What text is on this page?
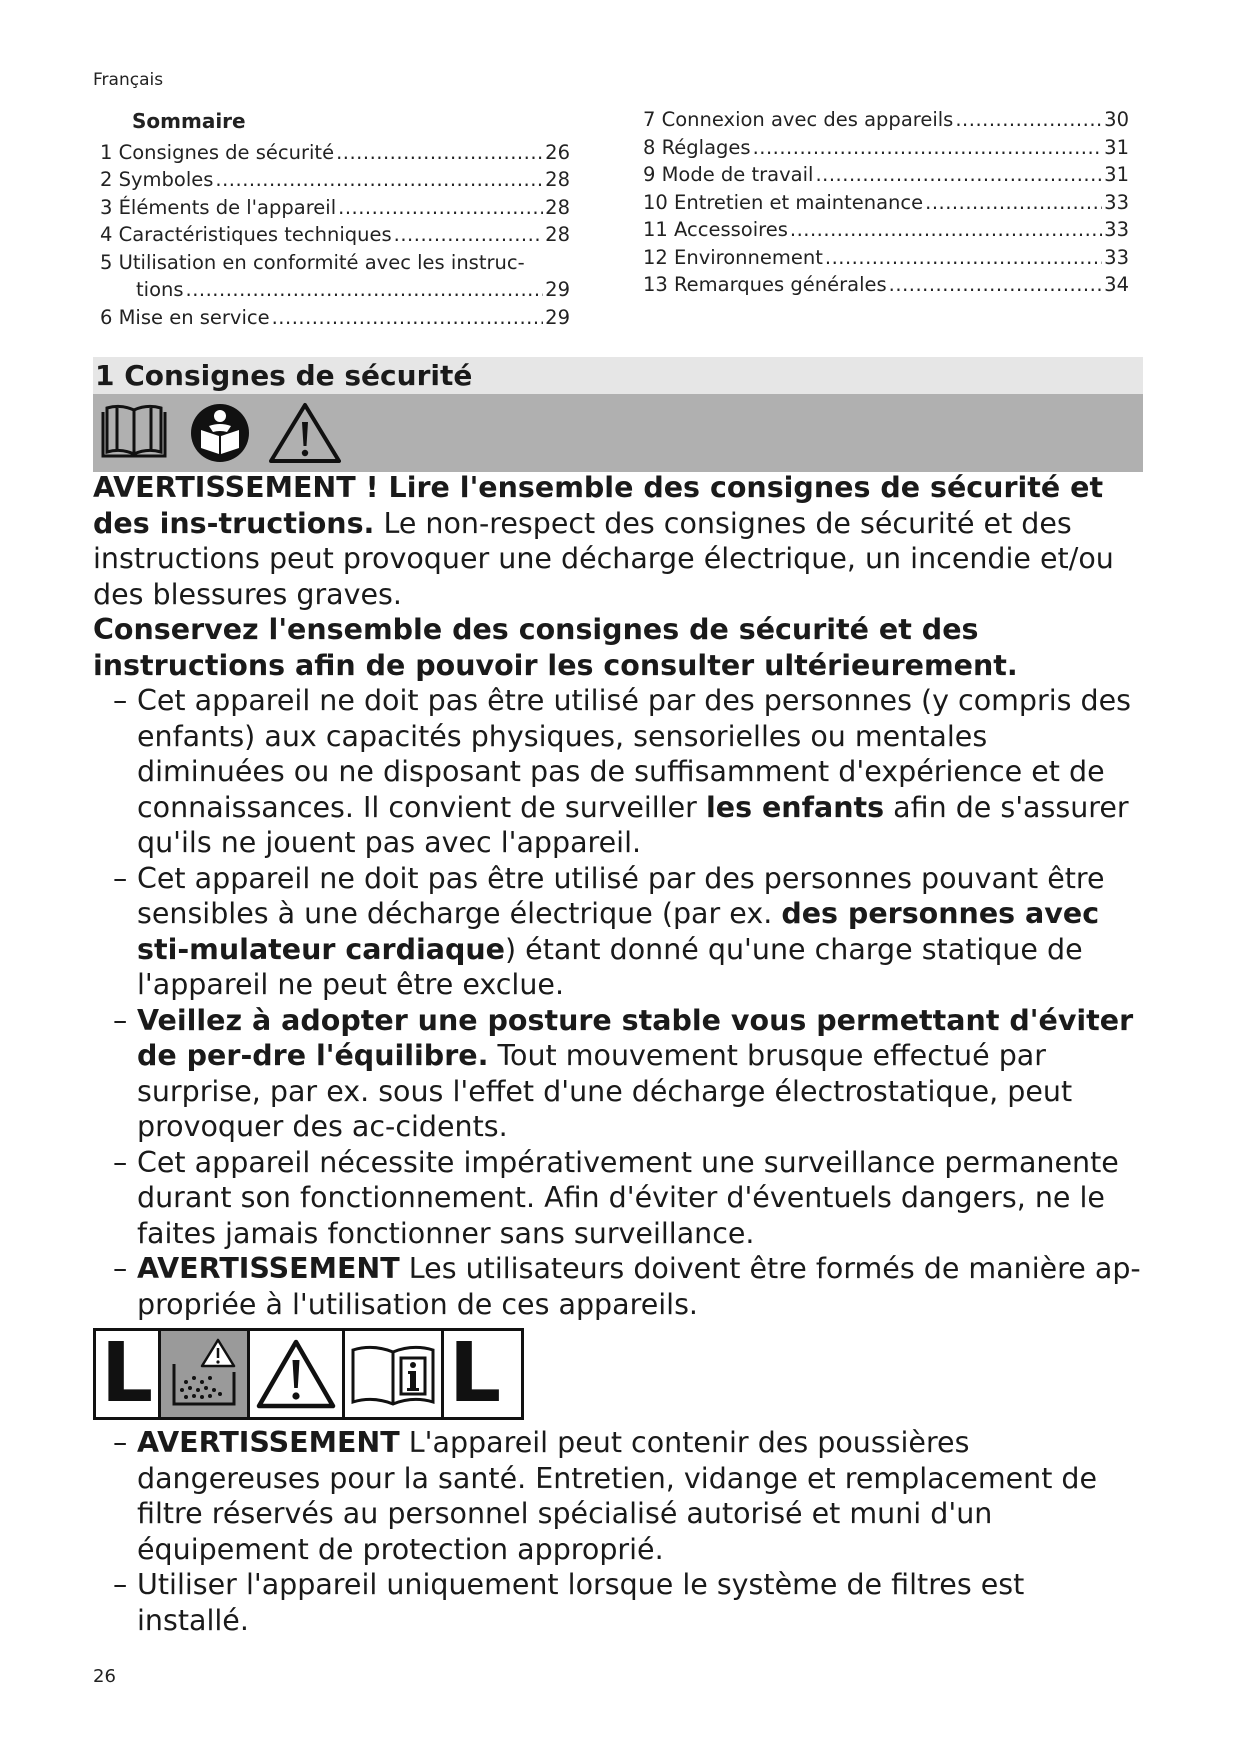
Français
Sommaire
1 Consignes de sécurité .....	26
2 Symboles .....	28
3 Éléments de l'appareil .....	28
4 Caractéristiques techniques .....	28
5 Utilisation en conformité avec les instruc-
tions .....	29
6 Mise en service .....	29
7 Connexion avec des appareils .....	30
8 Réglages .....	31
9 Mode de travail .....	31
10 Entretien et maintenance .....	33
11 Accessoires .....	33
12 Environnement .....	33
13 Remarques générales .....	34
1 Consignes de sécurité

AVERTISSEMENT ! Lire l'ensemble des consignes de sécurité et des ins-tructions. Le non-respect des consignes de sécurité et des instructions peut provoquer une décharge électrique, un incendie et/ou des blessures graves.

Conservez l'ensemble des consignes de sécurité et des instructions afin de pouvoir les consulter ultérieurement.

– Cet appareil ne doit pas être utilisé par des personnes (y compris des enfants) aux capacités physiques, sensorielles ou mentales diminuées ou ne disposant pas de suffisamment d'expérience et de connaissances. Il convient de surveiller les enfants afin de s'assurer qu'ils ne jouent pas avec l'appareil.

– Cet appareil ne doit pas être utilisé par des personnes pouvant être sensibles à une décharge électrique (par ex. des personnes avec sti-mulateur cardiaque) étant donné qu'une charge statique de l'appareil ne peut être exclue.

– Veillez à adopter une posture stable vous permettant d'éviter de per-dre l'équilibre. Tout mouvement brusque effectué par surprise, par ex. sous l'effet d'une décharge électrostatique, peut provoquer des ac-cidents.

– Cet appareil nécessite impérativement une surveillance permanente durant son fonctionnement. Afin d'éviter d'éventuels dangers, ne le faites jamais fonctionner sans surveillance.

– AVERTISSEMENT Les utilisateurs doivent être formés de manière ap-propriée à l'utilisation de ces appareils.

L	L

– AVERTISSEMENT L'appareil peut contenir des poussières dangereuses pour la santé. Entretien, vidange et remplacement de filtre réservés au personnel spécialisé autorisé et muni d'un équipement de protection approprié.

– Utiliser l'appareil uniquement lorsque le système de filtres est installé.

26
